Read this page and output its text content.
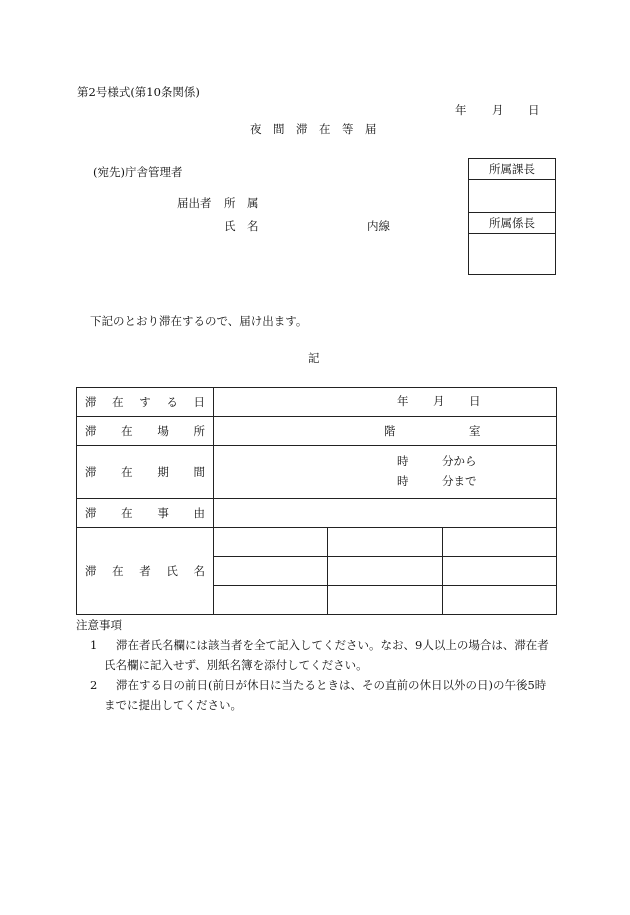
第2号様式(第10条関係)
年 月 日
夜　間　滞　在　等　届
(宛先)庁舎管理者
届出者 所　属
氏　名	内線
所属課長
所属係長
下記のとおり滞在するので、届け出ます。
記
滞 在 す る 日	年 月 日		

滞 在 場 所	階 室		

滞 在 期 間	時 分から
時 分まで		

滞 在 事 由			

滞 在 者 氏 名			

注意事項
1	滞在者氏名欄には該当者を全て記入してください。なお、9人以上の場合は、滞在者
氏名欄に記入せず、別紙名簿を添付してください。
2	滞在する日の前日(前日が休日に当たるときは、その直前の休日以外の日)の午後5時
までに提出してください。
